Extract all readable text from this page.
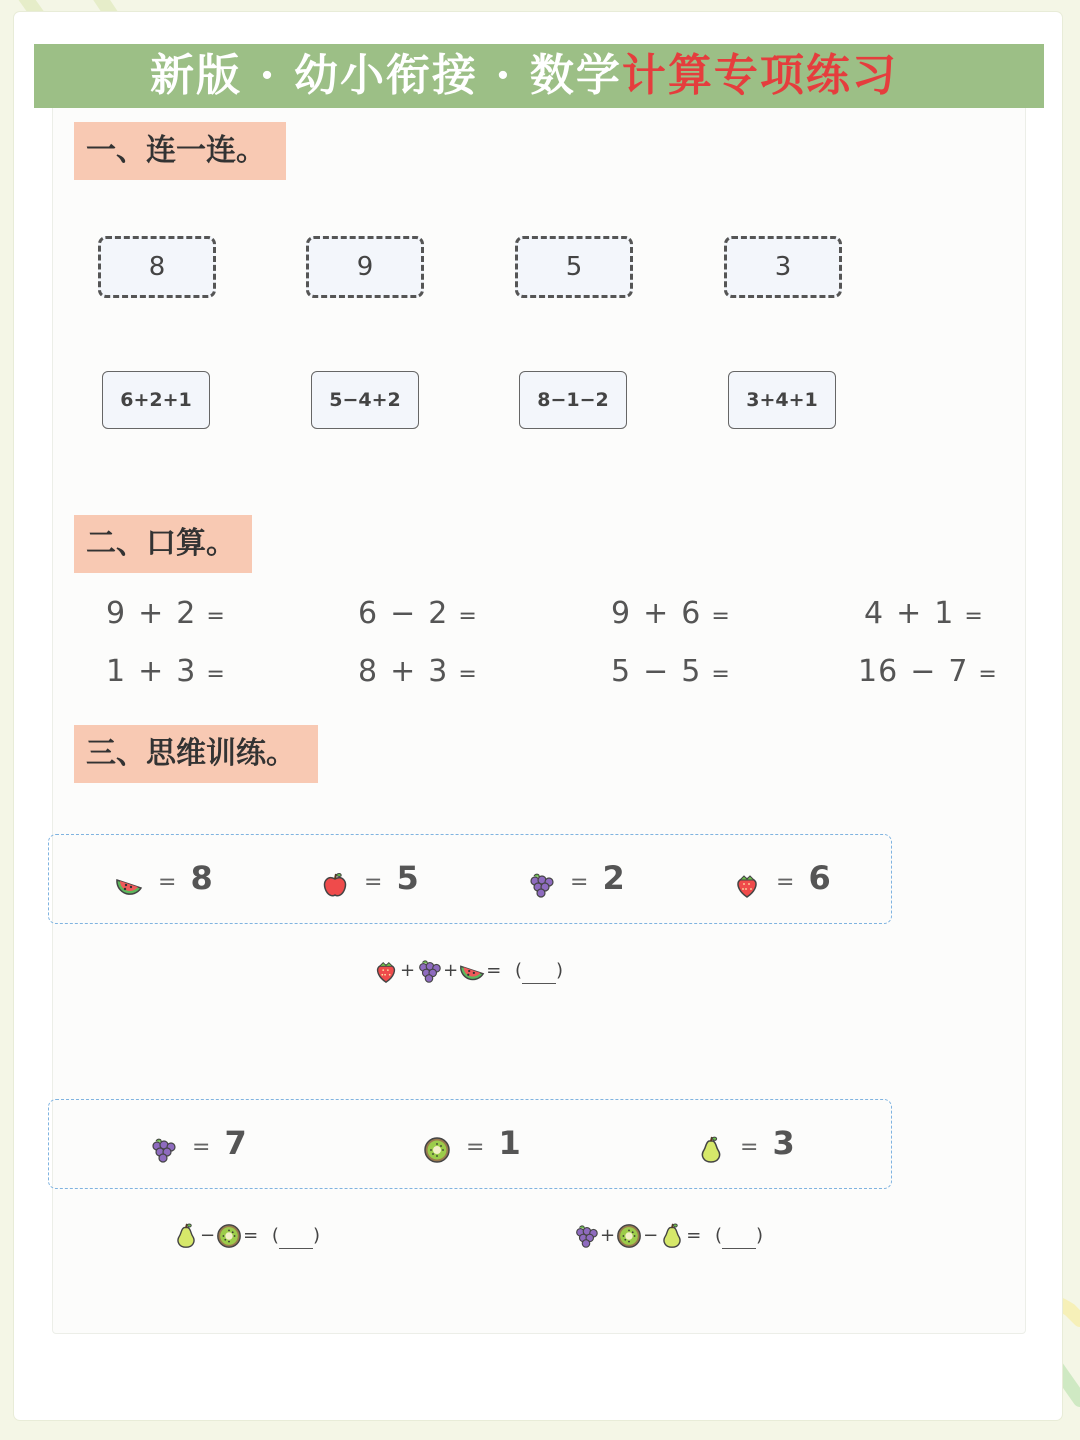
新版 · 幼小衔接 · 数学计算专项练习
一、连一连。
8	9	5	3
6+2+1	5−4+2	8−1−2	3+4+1
二、口算。
9 + 2 =	6 − 2 =	9 + 6 =	4 + 1 =
1 + 3 =	8 + 3 =	5 − 5 =	16 − 7 =
三、思维训练。
= 8	= 5	= 2	= 6
+ + = ( )
= 7	= 1	= 3
− = ( )	+ − = ( )
